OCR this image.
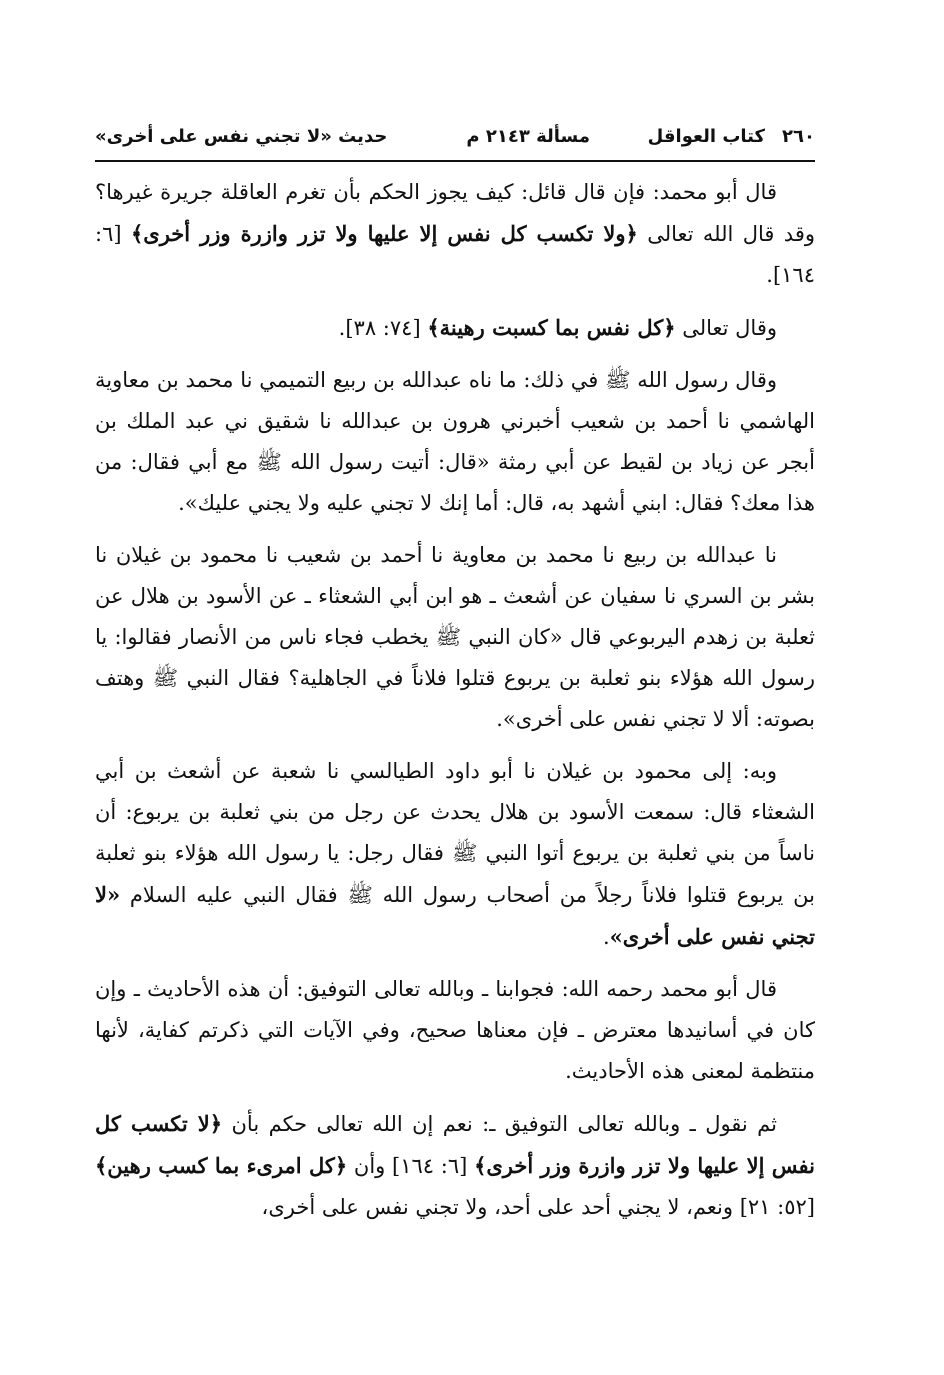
٢٦٠
كتاب العواقل
مسألة ٢١٤٣ م
حديث «لا تجني نفس على أخرى»

قال أبو محمد: فإن قال قائل: كيف يجوز الحكم بأن تغرم العاقلة جريرة غيرها؟ وقد قال الله تعالى ﴿ولا تكسب كل نفس إلا عليها ولا تزر وازرة وزر أخرى﴾ [٦: ١٦٤].

وقال تعالى ﴿كل نفس بما كسبت رهينة﴾ [٧٤: ٣٨].

وقال رسول الله ﷺ في ذلك: ما ناه عبدالله بن ربيع التميمي نا محمد بن معاوية الهاشمي نا أحمد بن شعيب أخبرني هرون بن عبدالله نا شقيق ني عبد الملك بن أبجر عن زياد بن لقيط عن أبي رمثة «قال: أتيت رسول الله ﷺ مع أبي فقال: من هذا معك؟ فقال: ابني أشهد به، قال: أما إنك لا تجني عليه ولا يجني عليك».

نا عبدالله بن ربيع نا محمد بن معاوية نا أحمد بن شعيب نا محمود بن غيلان نا بشر بن السري نا سفيان عن أشعث ـ هو ابن أبي الشعثاء ـ عن الأسود بن هلال عن ثعلبة بن زهدم اليربوعي قال «كان النبي ﷺ يخطب فجاء ناس من الأنصار فقالوا: يا رسول الله هؤلاء بنو ثعلبة بن يربوع قتلوا فلاناً في الجاهلية؟ فقال النبي ﷺ وهتف بصوته: ألا لا تجني نفس على أخرى».

وبه: إلى محمود بن غيلان نا أبو داود الطيالسي نا شعبة عن أشعث بن أبي الشعثاء قال: سمعت الأسود بن هلال يحدث عن رجل من بني ثعلبة بن يربوع: أن ناساً من بني ثعلبة بن يربوع أتوا النبي ﷺ فقال رجل: يا رسول الله هؤلاء بنو ثعلبة بن يربوع قتلوا فلاناً رجلاً من أصحاب رسول الله ﷺ فقال النبي عليه السلام «لا تجني نفس على أخرى».

قال أبو محمد رحمه الله: فجوابنا ـ وبالله تعالى التوفيق: أن هذه الأحاديث ـ وإن كان في أسانيدها معترض ـ فإن معناها صحيح، وفي الآيات التي ذكرتم كفاية، لأنها منتظمة لمعنى هذه الأحاديث.

ثم نقول ـ وبالله تعالى التوفيق ـ: نعم إن الله تعالى حكم بأن ﴿لا تكسب كل نفس إلا عليها ولا تزر وازرة وزر أخرى﴾ [٦: ١٦٤] وأن ﴿كل امرىء بما كسب رهين﴾ [٥٢: ٢١] ونعم، لا يجني أحد على أحد، ولا تجني نفس على أخرى،
